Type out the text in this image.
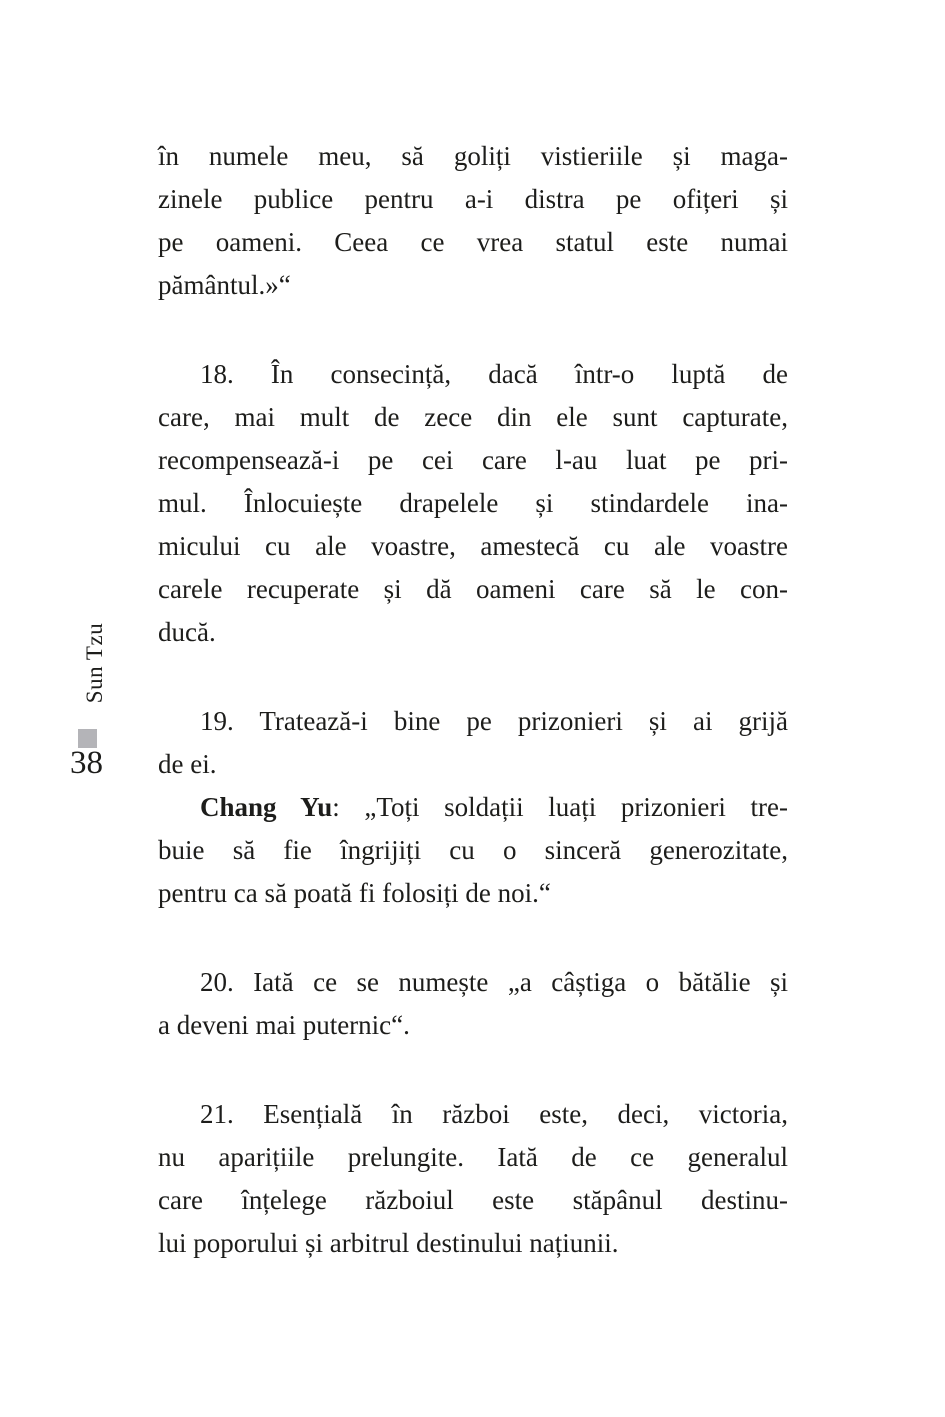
Sun Tzu
38
în numele meu, să goliți vistieriile și maga-
zinele publice pentru a-i distra pe ofițeri și
pe oameni. Ceea ce vrea statul este numai
pământul.»“
18. În consecință, dacă într-o luptă de
care, mai mult de zece din ele sunt capturate,
recompensează-i pe cei care l-au luat pe pri-
mul. Înlocuiește drapelele și stindardele ina-
micului cu ale voastre, amestecă cu ale voastre
carele recuperate și dă oameni care să le con-
ducă.
19. Tratează-i bine pe prizonieri și ai grijă
de ei.
Chang Yu: „Toți soldații luați prizonieri tre-
buie să fie îngrijiți cu o sinceră generozitate,
pentru ca să poată fi folosiți de noi.“
20. Iată ce se numește „a câștiga o bătălie și
a deveni mai puternic“.
21. Esențială în război este, deci, victoria,
nu aparițiile prelungite. Iată de ce generalul
care înțelege războiul este stăpânul destinu-
lui poporului și arbitrul destinului națiunii.
